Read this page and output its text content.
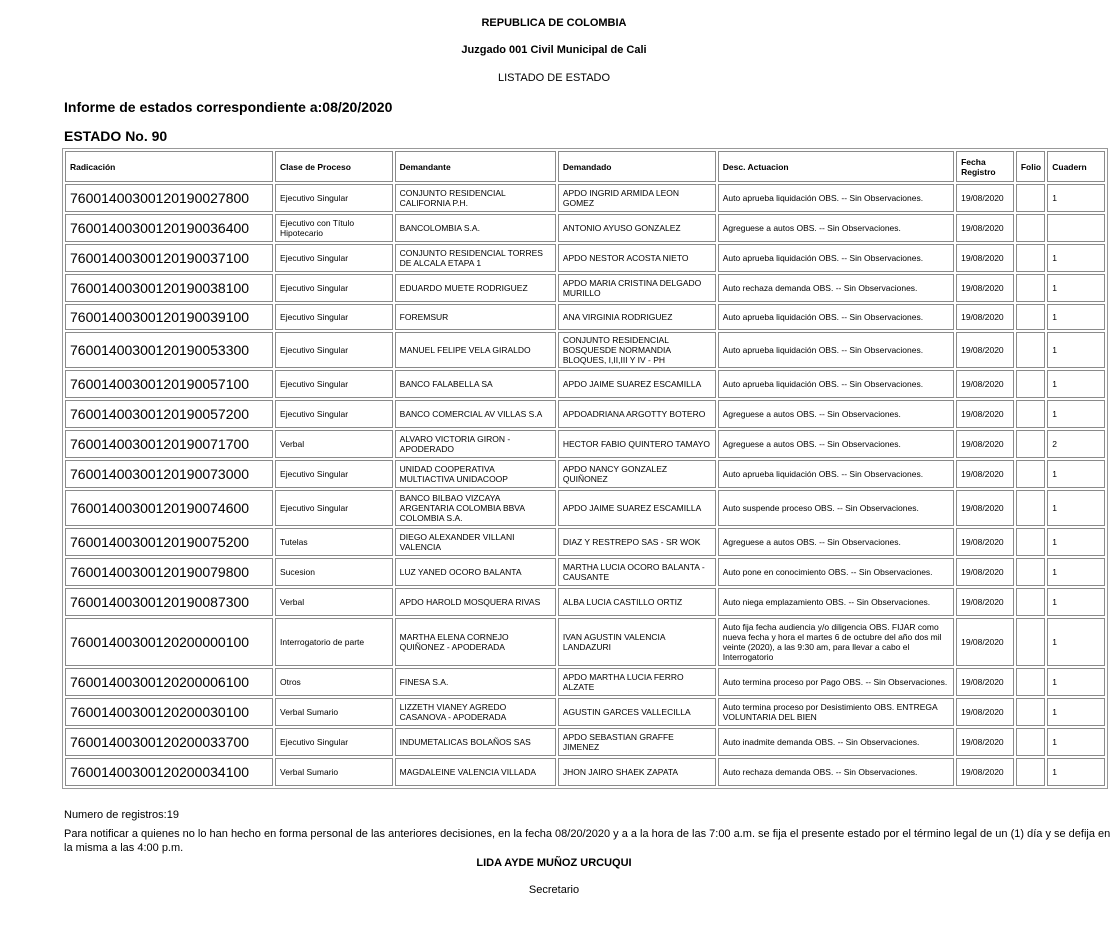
REPUBLICA DE COLOMBIA
Juzgado 001 Civil Municipal de Cali
LISTADO DE ESTADO
Informe de estados correspondiente a:08/20/2020
ESTADO No. 90
Radicación	Clase de Proceso	Demandante	Demandado	Desc. Actuacion	Fecha Registro	Folio	Cuadern
76001400300120190027800	Ejecutivo Singular	CONJUNTO RESIDENCIAL CALIFORNIA P.H.	APDO INGRID ARMIDA LEON GOMEZ	Auto aprueba liquidación OBS. -- Sin Observaciones.	19/08/2020		1
76001400300120190036400	Ejecutivo con Título Hipotecario	BANCOLOMBIA S.A.	ANTONIO AYUSO GONZALEZ	Agreguese a autos OBS. -- Sin Observaciones.	19/08/2020		
76001400300120190037100	Ejecutivo Singular	CONJUNTO RESIDENCIAL TORRES DE ALCALA ETAPA 1	APDO NESTOR ACOSTA NIETO	Auto aprueba liquidación OBS. -- Sin Observaciones.	19/08/2020		1
76001400300120190038100	Ejecutivo Singular	EDUARDO MUETE RODRIGUEZ	APDO MARIA CRISTINA DELGADO MURILLO	Auto rechaza demanda OBS. -- Sin Observaciones.	19/08/2020		1
76001400300120190039100	Ejecutivo Singular	FOREMSUR	ANA VIRGINIA RODRIGUEZ	Auto aprueba liquidación OBS. -- Sin Observaciones.	19/08/2020		1
76001400300120190053300	Ejecutivo Singular	MANUEL FELIPE VELA GIRALDO	CONJUNTO RESIDENCIAL BOSQUESDE NORMANDIA BLOQUES, I,II,III Y IV - PH	Auto aprueba liquidación OBS. -- Sin Observaciones.	19/08/2020		1
76001400300120190057100	Ejecutivo Singular	BANCO FALABELLA SA	APDO JAIME SUAREZ ESCAMILLA	Auto aprueba liquidación OBS. -- Sin Observaciones.	19/08/2020		1
76001400300120190057200	Ejecutivo Singular	BANCO COMERCIAL AV VILLAS S.A	APDOADRIANA ARGOTTY BOTERO	Agreguese a autos OBS. -- Sin Observaciones.	19/08/2020		1
76001400300120190071700	Verbal	ALVARO VICTORIA GIRON - APODERADO	HECTOR FABIO QUINTERO TAMAYO	Agreguese a autos OBS. -- Sin Observaciones.	19/08/2020		2
76001400300120190073000	Ejecutivo Singular	UNIDAD COOPERATIVA MULTIACTIVA UNIDACOOP	APDO NANCY GONZALEZ QUIÑONEZ	Auto aprueba liquidación OBS. -- Sin Observaciones.	19/08/2020		1
76001400300120190074600	Ejecutivo Singular	BANCO BILBAO VIZCAYA ARGENTARIA COLOMBIA BBVA COLOMBIA S.A.	APDO JAIME SUAREZ ESCAMILLA	Auto suspende proceso OBS. -- Sin Observaciones.	19/08/2020		1
76001400300120190075200	Tutelas	DIEGO ALEXANDER VILLANI VALENCIA	DIAZ Y RESTREPO SAS - SR WOK	Agreguese a autos OBS. -- Sin Observaciones.	19/08/2020		1
76001400300120190079800	Sucesion	LUZ YANED OCORO BALANTA	MARTHA LUCIA OCORO BALANTA - CAUSANTE	Auto pone en conocimiento OBS. -- Sin Observaciones.	19/08/2020		1
76001400300120190087300	Verbal	APDO HAROLD MOSQUERA RIVAS	ALBA LUCIA CASTILLO ORTIZ	Auto niega emplazamiento OBS. -- Sin Observaciones.	19/08/2020		1
76001400300120200000100	Interrogatorio de parte	MARTHA ELENA CORNEJO QUIÑONEZ - APODERADA	IVAN AGUSTIN VALENCIA LANDAZURI	Auto fija fecha audiencia y/o diligencia OBS. FIJAR como nueva fecha y hora el martes 6 de octubre del año dos mil veinte (2020), a las 9:30 am, para llevar a cabo el Interrogatorio	19/08/2020		1
76001400300120200006100	Otros	FINESA S.A.	APDO MARTHA LUCIA FERRO ALZATE	Auto termina proceso por Pago OBS. -- Sin Observaciones.	19/08/2020		1
76001400300120200030100	Verbal Sumario	LIZZETH VIANEY AGREDO CASANOVA - APODERADA	AGUSTIN GARCES VALLECILLA	Auto termina proceso por Desistimiento OBS. ENTREGA VOLUNTARIA DEL BIEN	19/08/2020		1
76001400300120200033700	Ejecutivo Singular	INDUMETALICAS BOLAÑOS SAS	APDO SEBASTIAN GRAFFE JIMENEZ	Auto inadmite demanda OBS. -- Sin Observaciones.	19/08/2020		1
76001400300120200034100	Verbal Sumario	MAGDALEINE VALENCIA VILLADA	JHON JAIRO SHAEK ZAPATA	Auto rechaza demanda OBS. -- Sin Observaciones.	19/08/2020		1
Numero de registros:19
Para notificar a quienes no lo han hecho en forma personal de las anteriores decisiones, en la fecha 08/20/2020 y a a la hora de las 7:00 a.m. se fija el presente estado por el término legal de un (1) día y se defija en la misma a las 4:00 p.m.
LIDA AYDE MUÑOZ URCUQUI
Secretario
